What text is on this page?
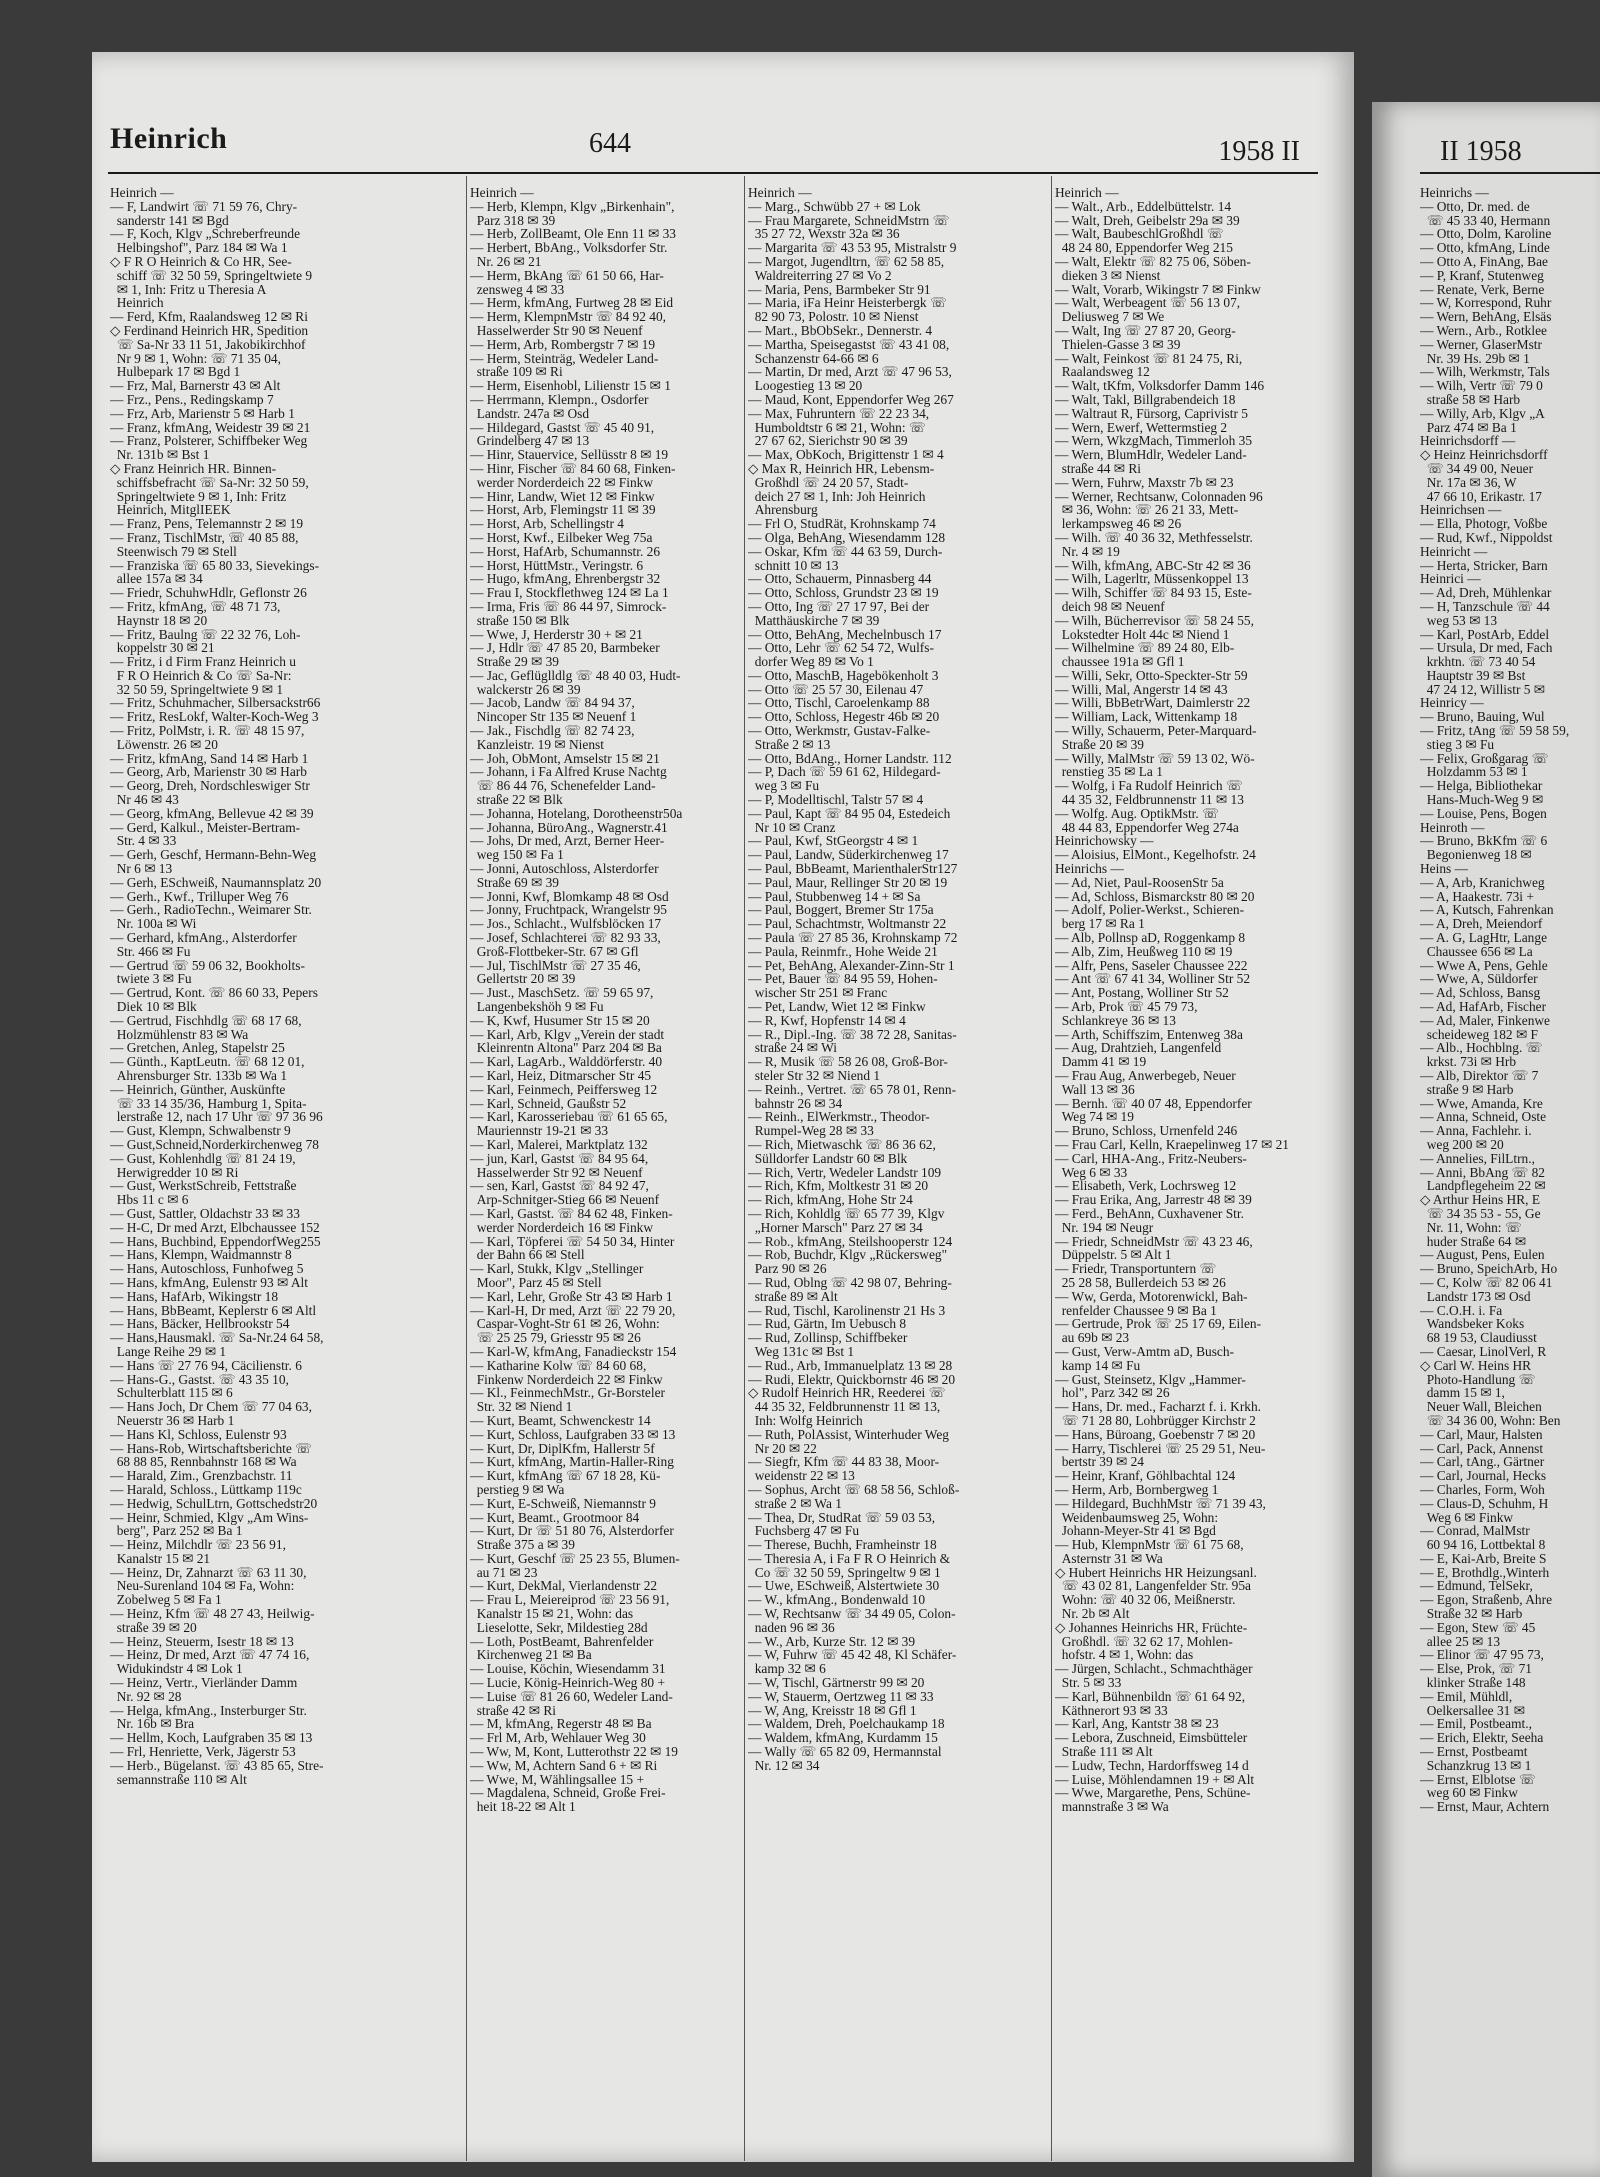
Heinrich	644	1958 II	II 1958
Heinrich —
— F, Landwirt ☏ 71 59 76, Chry-
sanderstr 141 ✉ Bgd
— F, Koch, Klgv „Schreberfreunde
Helbingshof", Parz 184 ✉ Wa 1
◇ F R O Heinrich & Co HR, See-
schiff ☏ 32 50 59, Springeltwiete 9
✉ 1, Inh: Fritz u Theresia A
Heinrich
— Ferd, Kfm, Raalandsweg 12 ✉ Ri
◇ Ferdinand Heinrich HR, Spedition
☏ Sa-Nr 33 11 51, Jakobikirchhof
Nr 9 ✉ 1, Wohn: ☏ 71 35 04,
Hulbepark 17 ✉ Bgd 1
— Frz, Mal, Barnerstr 43 ✉ Alt
— Frz., Pens., Redingskamp 7
— Frz, Arb, Marienstr 5 ✉ Harb 1
— Franz, kfmAng, Weidestr 39 ✉ 21
— Franz, Polsterer, Schiffbeker Weg
Nr. 131b ✉ Bst 1
◇ Franz Heinrich HR. Binnen-
schiffsbefracht ☏ Sa-Nr: 32 50 59,
Springeltwiete 9 ✉ 1, Inh: Fritz
Heinrich, MitglIEEK
— Franz, Pens, Telemannstr 2 ✉ 19
— Franz, TischlMstr, ☏ 40 85 88,
Steenwisch 79 ✉ Stell
— Franziska ☏ 65 80 33, Sievekings-
allee 157a ✉ 34
— Friedr, SchuhwHdlr, Geflonstr 26
— Fritz, kfmAng, ☏ 48 71 73,
Haynstr 18 ✉ 20
— Fritz, Baulng ☏ 22 32 76, Loh-
koppelstr 30 ✉ 21
— Fritz, i d Firm Franz Heinrich u
F R O Heinrich & Co ☏ Sa-Nr:
32 50 59, Springeltwiete 9 ✉ 1
— Fritz, Schuhmacher, Silbersackstr66
— Fritz, ResLokf, Walter-Koch-Weg 3
— Fritz, PolMstr, i. R. ☏ 48 15 97,
Löwenstr. 26 ✉ 20
— Fritz, kfmAng, Sand 14 ✉ Harb 1
— Georg, Arb, Marienstr 30 ✉ Harb
— Georg, Dreh, Nordschleswiger Str
Nr 46 ✉ 43
— Georg, kfmAng, Bellevue 42 ✉ 39
— Gerd, Kalkul., Meister-Bertram-
Str. 4 ✉ 33
— Gerh, Geschf, Hermann-Behn-Weg
Nr 6 ✉ 13
— Gerh, ESchweiß, Naumannsplatz 20
— Gerh., Kwf., Trilluper Weg 76
— Gerh., RadioTechn., Weimarer Str.
Nr. 100a ✉ Wi
— Gerhard, kfmAng., Alsterdorfer
Str. 466 ✉ Fu
— Gertrud ☏ 59 06 32, Bookholts-
twiete 3 ✉ Fu
— Gertrud, Kont. ☏ 86 60 33, Pepers
Diek 10 ✉ Blk
— Gertrud, Fischhdlg ☏ 68 17 68,
Holzmühlenstr 83 ✉ Wa
— Gretchen, Anleg, Stapelstr 25
— Günth., KaptLeutn. ☏ 68 12 01,
Ahrensburger Str. 133b ✉ Wa 1
— Heinrich, Günther, Auskünfte
☏ 33 14 35/36, Hamburg 1, Spita-
lerstraße 12, nach 17 Uhr ☏ 97 36 96
— Gust, Klempn, Schwalbenstr 9
— Gust,Schneid,Norderkirchenweg 78
— Gust, Kohlenhdlg ☏ 81 24 19,
Herwigredder 10 ✉ Ri
— Gust, WerkstSchreib, Fettstraße
Hbs 11 c ✉ 6
— Gust, Sattler, Oldachstr 33 ✉ 33
— H-C, Dr med Arzt, Elbchaussee 152
— Hans, Buchbind, EppendorfWeg255
— Hans, Klempn, Waidmannstr 8
— Hans, Autoschloss, Funhofweg 5
— Hans, kfmAng, Eulenstr 93 ✉ Alt
— Hans, HafArb, Wikingstr 18
— Hans, BbBeamt, Keplerstr 6 ✉ Altl
— Hans, Bäcker, Hellbrookstr 54
— Hans,Hausmakl. ☏ Sa-Nr.24 64 58,
Lange Reihe 29 ✉ 1
— Hans ☏ 27 76 94, Cäcilienstr. 6
— Hans-G., Gastst. ☏ 43 35 10,
Schulterblatt 115 ✉ 6
— Hans Joch, Dr Chem ☏ 77 04 63,
Neuerstr 36 ✉ Harb 1
— Hans Kl, Schloss, Eulenstr 93
— Hans-Rob, Wirtschaftsberichte ☏
68 88 85, Rennbahnstr 168 ✉ Wa
— Harald, Zim., Grenzbachstr. 11
— Harald, Schloss., Lüttkamp 119c
— Hedwig, SchulLtrn, Gottschedstr20
— Heinr, Schmied, Klgv „Am Wins-
berg", Parz 252 ✉ Ba 1
— Heinz, Milchdlr ☏ 23 56 91,
Kanalstr 15 ✉ 21
— Heinz, Dr, Zahnarzt ☏ 63 11 30,
Neu-Surenland 104 ✉ Fa, Wohn:
Zobelweg 5 ✉ Fa 1
— Heinz, Kfm ☏ 48 27 43, Heilwig-
straße 39 ✉ 20
— Heinz, Steuerm, Isestr 18 ✉ 13
— Heinz, Dr med, Arzt ☏ 47 74 16,
Widukindstr 4 ✉ Lok 1
— Heinz, Vertr., Vierländer Damm
Nr. 92 ✉ 28
— Helga, kfmAng., Insterburger Str.
Nr. 16b ✉ Bra
— Hellm, Koch, Laufgraben 35 ✉ 13
— Frl, Henriette, Verk, Jägerstr 53
— Herb., Bügelanst. ☏ 43 85 65, Stre-
semannstraße 110 ✉ Alt
Heinrich —
— Herb, Klempn, Klgv „Birkenhain",
Parz 318 ✉ 39
— Herb, ZollBeamt, Ole Enn 11 ✉ 33
— Herbert, BbAng., Volksdorfer Str.
Nr. 26 ✉ 21
— Herm, BkAng ☏ 61 50 66, Har-
zensweg 4 ✉ 33
— Herm, kfmAng, Furtweg 28 ✉ Eid
— Herm, KlempnMstr ☏ 84 92 40,
Hasselwerder Str 90 ✉ Neuenf
— Herm, Arb, Rombergstr 7 ✉ 19
— Herm, Steinträg, Wedeler Land-
straße 109 ✉ Ri
— Herm, Eisenhobl, Lilienstr 15 ✉ 1
— Herrmann, Klempn., Osdorfer
Landstr. 247a ✉ Osd
— Hildegard, Gastst ☏ 45 40 91,
Grindelberg 47 ✉ 13
— Hinr, Stauervice, Sellüsstr 8 ✉ 19
— Hinr, Fischer ☏ 84 60 68, Finken-
werder Norderdeich 22 ✉ Finkw
— Hinr, Landw, Wiet 12 ✉ Finkw
— Horst, Arb, Flemingstr 11 ✉ 39
— Horst, Arb, Schellingstr 4
— Horst, Kwf., Eilbeker Weg 75a
— Horst, HafArb, Schumannstr. 26
— Horst, HüttMstr., Veringstr. 6
— Hugo, kfmAng, Ehrenbergstr 32
— Frau I, Stockflethweg 124 ✉ La 1
— Irma, Fris ☏ 86 44 97, Simrock-
straße 150 ✉ Blk
— Wwe, J, Herderstr 30 + ✉ 21
— J, Hdlr ☏ 47 85 20, Barmbeker
Straße 29 ✉ 39
— Jac, Geflüglldlg ☏ 48 40 03, Hudt-
walckerstr 26 ✉ 39
— Jacob, Landw ☏ 84 94 37,
Nincoper Str 135 ✉ Neuenf 1
— Jak., Fischdlg ☏ 82 74 23,
Kanzleistr. 19 ✉ Nienst
— Joh, ObMont, Amselstr 15 ✉ 21
— Johann, i Fa Alfred Kruse Nachtg
☏ 86 44 76, Schenefelder Land-
straße 22 ✉ Blk
— Johanna, Hotelang, Dorotheenstr50a
— Johanna, BüroAng., Wagnerstr.41
— Johs, Dr med, Arzt, Berner Heer-
weg 150 ✉ Fa 1
— Jonni, Autoschloss, Alsterdorfer
Straße 69 ✉ 39
— Jonni, Kwf, Blomkamp 48 ✉ Osd
— Jonny, Fruchtpack, Wrangelstr 95
— Jos., Schlacht., Wulfsblöcken 17
— Josef, Schlachterei ☏ 82 93 33,
Groß-Flottbeker-Str. 67 ✉ Gfl
— Jul, TischlMstr ☏ 27 35 46,
Gellertstr 20 ✉ 39
— Just., MaschSetz. ☏ 59 65 97,
Langenbekshöh 9 ✉ Fu
— K, Kwf, Husumer Str 15 ✉ 20
— Karl, Arb, Klgv „Verein der stadt
Kleinrentn Altona" Parz 204 ✉ Ba
— Karl, LagArb., Walddörferstr. 40
— Karl, Heiz, Ditmarscher Str 45
— Karl, Feinmech, Peiffersweg 12
— Karl, Schneid, Gaußstr 52
— Karl, Karosseriebau ☏ 61 65 65,
Mauriennstr 19-21 ✉ 33
— Karl, Malerei, Marktplatz 132
— jun, Karl, Gastst ☏ 84 95 64,
Hasselwerder Str 92 ✉ Neuenf
— sen, Karl, Gastst ☏ 84 92 47,
Arp-Schnitger-Stieg 66 ✉ Neuenf
— Karl, Gastst. ☏ 84 62 48, Finken-
werder Norderdeich 16 ✉ Finkw
— Karl, Töpferei ☏ 54 50 34, Hinter
der Bahn 66 ✉ Stell
— Karl, Stukk, Klgv „Stellinger
Moor", Parz 45 ✉ Stell
— Karl, Lehr, Große Str 43 ✉ Harb 1
— Karl-H, Dr med, Arzt ☏ 22 79 20,
Caspar-Voght-Str 61 ✉ 26, Wohn:
☏ 25 25 79, Griesstr 95 ✉ 26
— Karl-W, kfmAng, Fanadieckstr 154
— Katharine Kolw ☏ 84 60 68,
Finkenw Norderdeich 22 ✉ Finkw
— Kl., FeinmechMstr., Gr-Borsteler
Str. 32 ✉ Niend 1
— Kurt, Beamt, Schwenckestr 14
— Kurt, Schloss, Laufgraben 33 ✉ 13
— Kurt, Dr, DiplKfm, Hallerstr 5f
— Kurt, kfmAng, Martin-Haller-Ring
— Kurt, kfmAng ☏ 67 18 28, Kü-
perstieg 9 ✉ Wa
— Kurt, E-Schweiß, Niemannstr 9
— Kurt, Beamt., Grootmoor 84
— Kurt, Dr ☏ 51 80 76, Alsterdorfer
Straße 375 a ✉ 39
— Kurt, Geschf ☏ 25 23 55, Blumen-
au 71 ✉ 23
— Kurt, DekMal, Vierlandenstr 22
— Frau L, Meiereiprod ☏ 23 56 91,
Kanalstr 15 ✉ 21, Wohn: das
Lieselotte, Sekr, Mildestieg 28d
— Loth, PostBeamt, Bahrenfelder
Kirchenweg 21 ✉ Ba
— Louise, Köchin, Wiesendamm 31
— Lucie, König-Heinrich-Weg 80 +
— Luise ☏ 81 26 60, Wedeler Land-
straße 42 ✉ Ri
— M, kfmAng, Regerstr 48 ✉ Ba
— Frl M, Arb, Wehlauer Weg 30
— Ww, M, Kont, Lutterothstr 22 ✉ 19
— Ww, M, Achtern Sand 6 + ✉ Ri
— Wwe, M, Wählingsallee 15 +
— Magdalena, Schneid, Große Frei-
heit 18-22 ✉ Alt 1
Heinrich —
— Marg., Schwübb 27 + ✉ Lok
— Frau Margarete, SchneidMstrn ☏
35 27 72, Wexstr 32a ✉ 36
— Margarita ☏ 43 53 95, Mistralstr 9
— Margot, Jugendltrn, ☏ 62 58 85,
Waldreiterring 27 ✉ Vo 2
— Maria, Pens, Barmbeker Str 91
— Maria, iFa Heinr Heisterbergk ☏
82 90 73, Polostr. 10 ✉ Nienst
— Mart., BbObSekr., Dennerstr. 4
— Martha, Speisegastst ☏ 43 41 08,
Schanzenstr 64-66 ✉ 6
— Martin, Dr med, Arzt ☏ 47 96 53,
Loogestieg 13 ✉ 20
— Maud, Kont, Eppendorfer Weg 267
— Max, Fuhruntern ☏ 22 23 34,
Humboldtstr 6 ✉ 21, Wohn: ☏
27 67 62, Sierichstr 90 ✉ 39
— Max, ObKoch, Brigittenstr 1 ✉ 4
◇ Max R, Heinrich HR, Lebensm-
Großhdl ☏ 24 20 57, Stadt-
deich 27 ✉ 1, Inh: Joh Heinrich
Ahrensburg
— Frl O, StudRät, Krohnskamp 74
— Olga, BehAng, Wiesendamm 128
— Oskar, Kfm ☏ 44 63 59, Durch-
schnitt 10 ✉ 13
— Otto, Schauerm, Pinnasberg 44
— Otto, Schloss, Grundstr 23 ✉ 19
— Otto, Ing ☏ 27 17 97, Bei der
Matthäuskirche 7 ✉ 39
— Otto, BehAng, Mechelnbusch 17
— Otto, Lehr ☏ 62 54 72, Wulfs-
dorfer Weg 89 ✉ Vo 1
— Otto, MaschB, Hagebökenholt 3
— Otto ☏ 25 57 30, Eilenau 47
— Otto, Tischl, Caroelenkamp 88
— Otto, Schloss, Hegestr 46b ✉ 20
— Otto, Werkmstr, Gustav-Falke-
Straße 2 ✉ 13
— Otto, BdAng., Horner Landstr. 112
— P, Dach ☏ 59 61 62, Hildegard-
weg 3 ✉ Fu
— P, Modelltischl, Talstr 57 ✉ 4
— Paul, Kapt ☏ 84 95 04, Estedeich
Nr 10 ✉ Cranz
— Paul, Kwf, StGeorgstr 4 ✉ 1
— Paul, Landw, Süderkirchenweg 17
— Paul, BbBeamt, MarienthalerStr127
— Paul, Maur, Rellinger Str 20 ✉ 19
— Paul, Stubbenweg 14 + ✉ Sa
— Paul, Boggert, Bremer Str 175a
— Paul, Schachtmstr, Woltmanstr 22
— Paula ☏ 27 85 36, Krohnskamp 72
— Paula, Reinmfr., Hohe Weide 21
— Pet, BehAng, Alexander-Zinn-Str 1
— Pet, Bauer ☏ 84 95 59, Hohen-
wischer Str 251 ✉ Franc
— Pet, Landw, Wiet 12 ✉ Finkw
— R, Kwf, Hopfenstr 14 ✉ 4
— R., Dipl.-Ing. ☏ 38 72 28, Sanitas-
straße 24 ✉ Wi
— R, Musik ☏ 58 26 08, Groß-Bor-
steler Str 32 ✉ Niend 1
— Reinh., Vertret. ☏ 65 78 01, Renn-
bahnstr 26 ✉ 34
— Reinh., ElWerkmstr., Theodor-
Rumpel-Weg 28 ✉ 33
— Rich, Mietwaschk ☏ 86 36 62,
Sülldorfer Landstr 60 ✉ Blk
— Rich, Vertr, Wedeler Landstr 109
— Rich, Kfm, Moltkestr 31 ✉ 20
— Rich, kfmAng, Hohe Str 24
— Rich, Kohldlg ☏ 65 77 39, Klgv
„Horner Marsch" Parz 27 ✉ 34
— Rob., kfmAng, Steilshooperstr 124
— Rob, Buchdr, Klgv „Rückersweg"
Parz 90 ✉ 26
— Rud, Oblng ☏ 42 98 07, Behring-
straße 89 ✉ Alt
— Rud, Tischl, Karolinenstr 21 Hs 3
— Rud, Gärtn, Im Uebusch 8
— Rud, Zollinsp, Schiffbeker
Weg 131c ✉ Bst 1
— Rud., Arb, Immanuelplatz 13 ✉ 28
— Rudi, Elektr, Quickbornstr 46 ✉ 20
◇ Rudolf Heinrich HR, Reederei ☏
44 35 32, Feldbrunnenstr 11 ✉ 13,
Inh: Wolfg Heinrich
— Ruth, PolAssist, Winterhuder Weg
Nr 20 ✉ 22
— Siegfr, Kfm ☏ 44 83 38, Moor-
weidenstr 22 ✉ 13
— Sophus, Archt ☏ 68 58 56, Schloß-
straße 2 ✉ Wa 1
— Thea, Dr, StudRat ☏ 59 03 53,
Fuchsberg 47 ✉ Fu
— Therese, Buchh, Framheinstr 18
— Theresia A, i Fa F R O Heinrich &
Co ☏ 32 50 59, Springeltw 9 ✉ 1
— Uwe, ESchweiß, Alstertwiete 30
— W., kfmAng., Bondenwald 10
— W, Rechtsanw ☏ 34 49 05, Colon-
naden 96 ✉ 36
— W., Arb, Kurze Str. 12 ✉ 39
— W, Fuhrw ☏ 45 42 48, Kl Schäfer-
kamp 32 ✉ 6
— W, Tischl, Gärtnerstr 99 ✉ 20
— W, Stauerm, Oertzweg 11 ✉ 33
— W, Ang, Kreisstr 18 ✉ Gfl 1
— Waldem, Dreh, Poelchaukamp 18
— Waldem, kfmAng, Kurdamm 15
— Wally ☏ 65 82 09, Hermannstal
Nr. 12 ✉ 34
Heinrich —
— Walt., Arb., Eddelbüttelstr. 14
— Walt, Dreh, Geibelstr 29a ✉ 39
— Walt, BaubeschlGroßhdl ☏
48 24 80, Eppendorfer Weg 215
— Walt, Elektr ☏ 82 75 06, Söben-
dieken 3 ✉ Nienst
— Walt, Vorarb, Wikingstr 7 ✉ Finkw
— Walt, Werbeagent ☏ 56 13 07,
Deliusweg 7 ✉ We
— Walt, Ing ☏ 27 87 20, Georg-
Thielen-Gasse 3 ✉ 39
— Walt, Feinkost ☏ 81 24 75, Ri,
Raalandsweg 12
— Walt, tKfm, Volksdorfer Damm 146
— Walt, Takl, Billgrabendeich 18
— Waltraut R, Fürsorg, Caprivistr 5
— Wern, Ewerf, Wettermstieg 2
— Wern, WkzgMach, Timmerloh 35
— Wern, BlumHdlr, Wedeler Land-
straße 44 ✉ Ri
— Wern, Fuhrw, Maxstr 7b ✉ 23
— Werner, Rechtsanw, Colonnaden 96
✉ 36, Wohn: ☏ 26 21 33, Mett-
lerkampsweg 46 ✉ 26
— Wilh. ☏ 40 36 32, Methfesselstr.
Nr. 4 ✉ 19
— Wilh, kfmAng, ABC-Str 42 ✉ 36
— Wilh, Lagerltr, Müssenkoppel 13
— Wilh, Schiffer ☏ 84 93 15, Este-
deich 98 ✉ Neuenf
— Wilh, Bücherrevisor ☏ 58 24 55,
Lokstedter Holt 44c ✉ Niend 1
— Wilhelmine ☏ 89 24 80, Elb-
chaussee 191a ✉ Gfl 1
— Willi, Sekr, Otto-Speckter-Str 59
— Willi, Mal, Angerstr 14 ✉ 43
— Willi, BbBetrWart, Daimlerstr 22
— William, Lack, Wittenkamp 18
— Willy, Schauerm, Peter-Marquard-
Straße 20 ✉ 39
— Willy, MalMstr ☏ 59 13 02, Wö-
renstieg 35 ✉ La 1
— Wolfg, i Fa Rudolf Heinrich ☏
44 35 32, Feldbrunnenstr 11 ✉ 13
— Wolfg. Aug. OptikMstr. ☏
48 44 83, Eppendorfer Weg 274a
Heinrichowsky —
— Aloisius, ElMont., Kegelhofstr. 24
Heinrichs —
— Ad, Niet, Paul-RoosenStr 5a
— Ad, Schloss, Bismarckstr 80 ✉ 20
— Adolf, Polier-Werkst., Schieren-
berg 17 ✉ Ra 1
— Alb, Pollnsp aD, Roggenkamp 8
— Alb, Zim, Heußweg 110 ✉ 19
— Alfr, Pens, Saseler Chaussee 222
— Ant ☏ 67 41 34, Wolliner Str 52
— Ant, Postang, Wolliner Str 52
— Arb, Prok ☏ 45 79 73,
Schlankreye 36 ✉ 13
— Arth, Schiffszim, Entenweg 38a
— Aug, Drahtzieh, Langenfeld
Damm 41 ✉ 19
— Frau Aug, Anwerbegeb, Neuer
Wall 13 ✉ 36
— Bernh. ☏ 40 07 48, Eppendorfer
Weg 74 ✉ 19
— Bruno, Schloss, Urnenfeld 246
— Frau Carl, Kelln, Kraepelinweg 17 ✉ 21
— Carl, HHA-Ang., Fritz-Neubers-
Weg 6 ✉ 33
— Elisabeth, Verk, Lochrsweg 12
— Frau Erika, Ang, Jarrestr 48 ✉ 39
— Ferd., BehAnn, Cuxhavener Str.
Nr. 194 ✉ Neugr
— Friedr, SchneidMstr ☏ 43 23 46,
Düppelstr. 5 ✉ Alt 1
— Friedr, Transportuntern ☏
25 28 58, Bullerdeich 53 ✉ 26
— Ww, Gerda, Motorenwickl, Bah-
renfelder Chaussee 9 ✉ Ba 1
— Gertrude, Prok ☏ 25 17 69, Eilen-
au 69b ✉ 23
— Gust, Verw-Amtm aD, Busch-
kamp 14 ✉ Fu
— Gust, Steinsetz, Klgv „Hammer-
hol", Parz 342 ✉ 26
— Hans, Dr. med., Facharzt f. i. Krkh.
☏ 71 28 80, Lohbrügger Kirchstr 2
— Hans, Büroang, Goebenstr 7 ✉ 20
— Harry, Tischlerei ☏ 25 29 51, Neu-
bertstr 39 ✉ 24
— Heinr, Kranf, Göhlbachtal 124
— Herm, Arb, Bornbergweg 1
— Hildegard, BuchhMstr ☏ 71 39 43,
Weidenbaumsweg 25, Wohn:
Johann-Meyer-Str 41 ✉ Bgd
— Hub, KlempnMstr ☏ 61 75 68,
Asternstr 31 ✉ Wa
◇ Hubert Heinrichs HR Heizungsanl.
☏ 43 02 81, Langenfelder Str. 95a
Wohn: ☏ 40 32 06, Meißnerstr.
Nr. 2b ✉ Alt
◇ Johannes Heinrichs HR, Früchte-
Großhdl. ☏ 32 62 17, Mohlen-
hofstr. 4 ✉ 1, Wohn: das
— Jürgen, Schlacht., Schmachthäger
Str. 5 ✉ 33
— Karl, Bühnenbildn ☏ 61 64 92,
Käthnerort 93 ✉ 33
— Karl, Ang, Kantstr 38 ✉ 23
— Lebora, Zuschneid, Eimsbütteler
Straße 111 ✉ Alt
— Ludw, Techn, Hardorffsweg 14 d
— Luise, Möhlendamnen 19 + ✉ Alt
— Wwe, Margarethe, Pens, Schüne-
mannstraße 3 ✉ Wa
Heinrichs —
— Otto, Dr. med. de
☏ 45 33 40, Hermann
— Otto, Dolm, Karoline
— Otto, kfmAng, Linde
— Otto A, FinAng, Bae
— P, Kranf, Stutenweg
— Renate, Verk, Berne
— W, Korrespond, Ruhr
— Wern, BehAng, Elsäs
— Wern., Arb., Rotklee
— Werner, GlaserMstr
Nr. 39 Hs. 29b ✉ 1
— Wilh, Werkmstr, Tals
— Wilh, Vertr ☏ 79 0
straße 58 ✉ Harb
— Willy, Arb, Klgv „A
Parz 474 ✉ Ba 1
Heinrichsdorff —
◇ Heinz Heinrichsdorff
☏ 34 49 00, Neuer
Nr. 17a ✉ 36, W
47 66 10, Erikastr. 17
Heinrichsen —
— Ella, Photogr, Voßbe
— Rud, Kwf., Nippoldst
Heinricht —
— Herta, Stricker, Barn
Heinrici —
— Ad, Dreh, Mühlenkar
— H, Tanzschule ☏ 44
weg 53 ✉ 13
— Karl, PostArb, Eddel
— Ursula, Dr med, Fach
krkhtn. ☏ 73 40 54
Hauptstr 39 ✉ Bst
47 24 12, Willistr 5 ✉
Heinricy —
— Bruno, Bauing, Wul
— Fritz, tAng ☏ 59 58 59,
stieg 3 ✉ Fu
— Felix, Großgarag ☏
Holzdamm 53 ✉ 1
— Helga, Bibliothekar
Hans-Much-Weg 9 ✉
— Louise, Pens, Bogen
Heinroth —
— Bruno, BkKfm ☏ 6
Begonienweg 18 ✉
Heins —
— A, Arb, Kranichweg
— A, Haakestr. 73i +
— A, Kutsch, Fahrenkan
— A, Dreh, Meiendorf
— A. G, LagHtr, Lange
Chaussee 656 ✉ La
— Wwe A, Pens, Gehle
— Wwe, A, Süldorfer
— Ad, Schloss, Bansg
— Ad, HafArb, Fischer
— Ad, Maler, Finkenwe
scheideweg 182 ✉ F
— Alb., Hochblng. ☏
krkst. 73i ✉ Hrb
— Alb, Direktor ☏ 7
straße 9 ✉ Harb
— Wwe, Amanda, Kre
— Anna, Schneid, Oste
— Anna, Fachlehr. i.
weg 200 ✉ 20
— Annelies, FilLtrn.,
— Anni, BbAng ☏ 82
Landpflegeheim 22 ✉
◇ Arthur Heins HR, E
☏ 34 35 53 - 55, Ge
Nr. 11, Wohn: ☏
huder Straße 64 ✉
— August, Pens, Eulen
— Bruno, SpeichArb, Ho
— C, Kolw ☏ 82 06 41
Landstr 173 ✉ Osd
— C.O.H. i. Fa
Wandsbeker Koks
68 19 53, Claudiusst
— Caesar, LinolVerl, R
◇ Carl W. Heins HR
Photo-Handlung ☏
damm 15 ✉ 1,
Neuer Wall, Bleichen
☏ 34 36 00, Wohn: Ben
— Carl, Maur, Halsten
— Carl, Pack, Annenst
— Carl, tAng., Gärtner
— Carl, Journal, Hecks
— Charles, Form, Woh
— Claus-D, Schuhm, H
Weg 6 ✉ Finkw
— Conrad, MalMstr
60 94 16, Lottbektal 8
— E, Kai-Arb, Breite S
— E, Brothdlg.,Winterh
— Edmund, TelSekr,
— Egon, Straßenb, Ahre
Straße 32 ✉ Harb
— Egon, Stew ☏ 45
allee 25 ✉ 13
— Elinor ☏ 47 95 73,
— Else, Prok, ☏ 71
klinker Straße 148
— Emil, Mühldl,
Oelkersallee 31 ✉
— Emil, Postbeamt.,
— Erich, Elektr, Seeha
— Ernst, Postbeamt
Schanzkrug 13 ✉ 1
— Ernst, Elblotse ☏
weg 60 ✉ Finkw
— Ernst, Maur, Achtern
